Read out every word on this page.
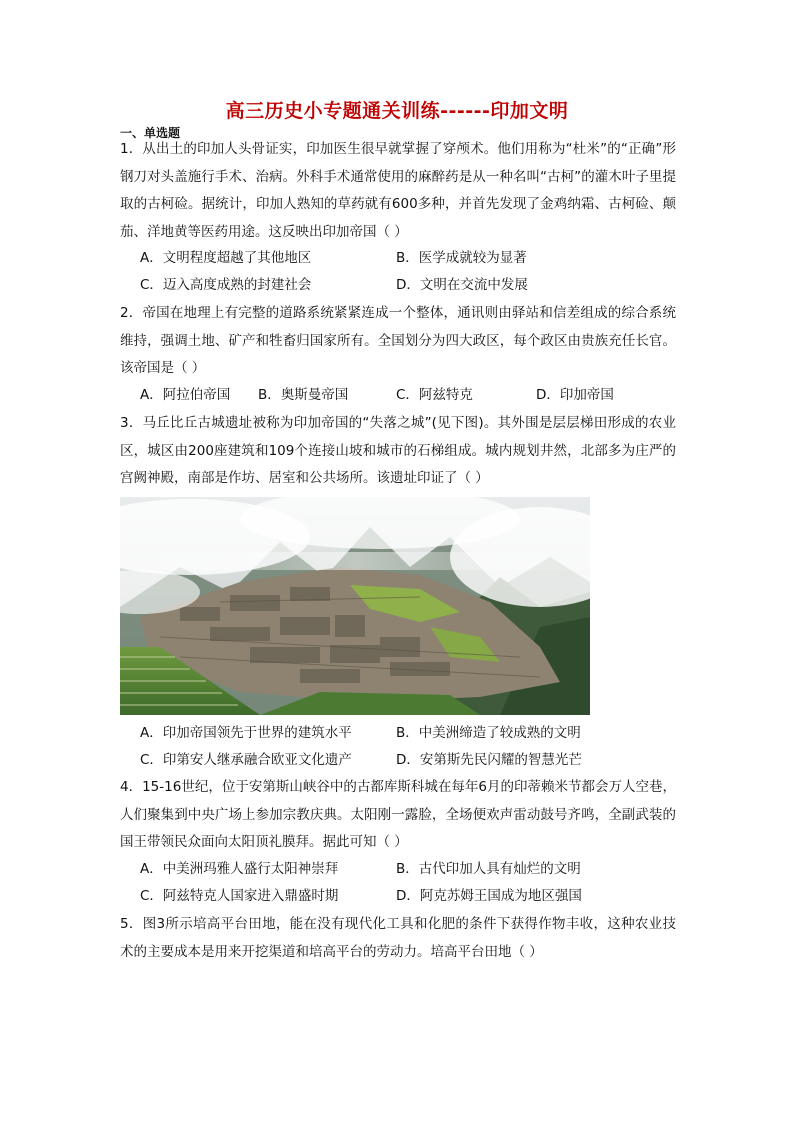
高三历史小专题通关训练------印加文明
一、单选题
1．从出土的印加人头骨证实，印加医生很早就掌握了穿颅术。他们用称为“杜米”的“正确”形钢刀对头盖施行手术、治病。外科手术通常使用的麻醉药是从一种名叫“古柯”的灌木叶子里提取的古柯硷。据统计，印加人熟知的草药就有600多种，并首先发现了金鸡纳霜、古柯硷、颠茄、洋地黄等医药用途。这反映出印加帝国（ ）
A．文明程度超越了其他地区	B．医学成就较为显著
C．迈入高度成熟的封建社会	D．文明在交流中发展
2．帝国在地理上有完整的道路系统紧紧连成一个整体，通讯则由驿站和信差组成的综合系统维持，强调土地、矿产和牲畜归国家所有。全国划分为四大政区，每个政区由贵族充任长官。该帝国是（ ）
A．阿拉伯帝国 B．奥斯曼帝国	C．阿兹特克	D．印加帝国
3．马丘比丘古城遗址被称为印加帝国的“失落之城”(见下图)。其外围是层层梯田形成的农业区，城区由200座建筑和109个连接山坡和城市的石梯组成。城内规划井然，北部多为庄严的宫阙神殿，南部是作坊、居室和公共场所。该遗址印证了（ ）
A．印加帝国领先于世界的建筑水平	B．中美洲缔造了较成熟的文明
C．印第安人继承融合欧亚文化遗产	D．安第斯先民闪耀的智慧光芒
4．15-16世纪，位于安第斯山峡谷中的古都库斯科城在每年6月的印蒂赖米节都会万人空巷，人们聚集到中央广场上参加宗教庆典。太阳刚一露脸，全场便欢声雷动鼓号齐鸣，全副武装的国王带领民众面向太阳顶礼膜拜。据此可知（ ）
A．中美洲玛雅人盛行太阳神崇拜	B．古代印加人具有灿烂的文明
C．阿兹特克人国家进入鼎盛时期	D．阿克苏姆王国成为地区强国
5．图3所示培高平台田地，能在没有现代化工具和化肥的条件下获得作物丰收，这种农业技术的主要成本是用来开挖渠道和培高平台的劳动力。培高平台田地（ ）
